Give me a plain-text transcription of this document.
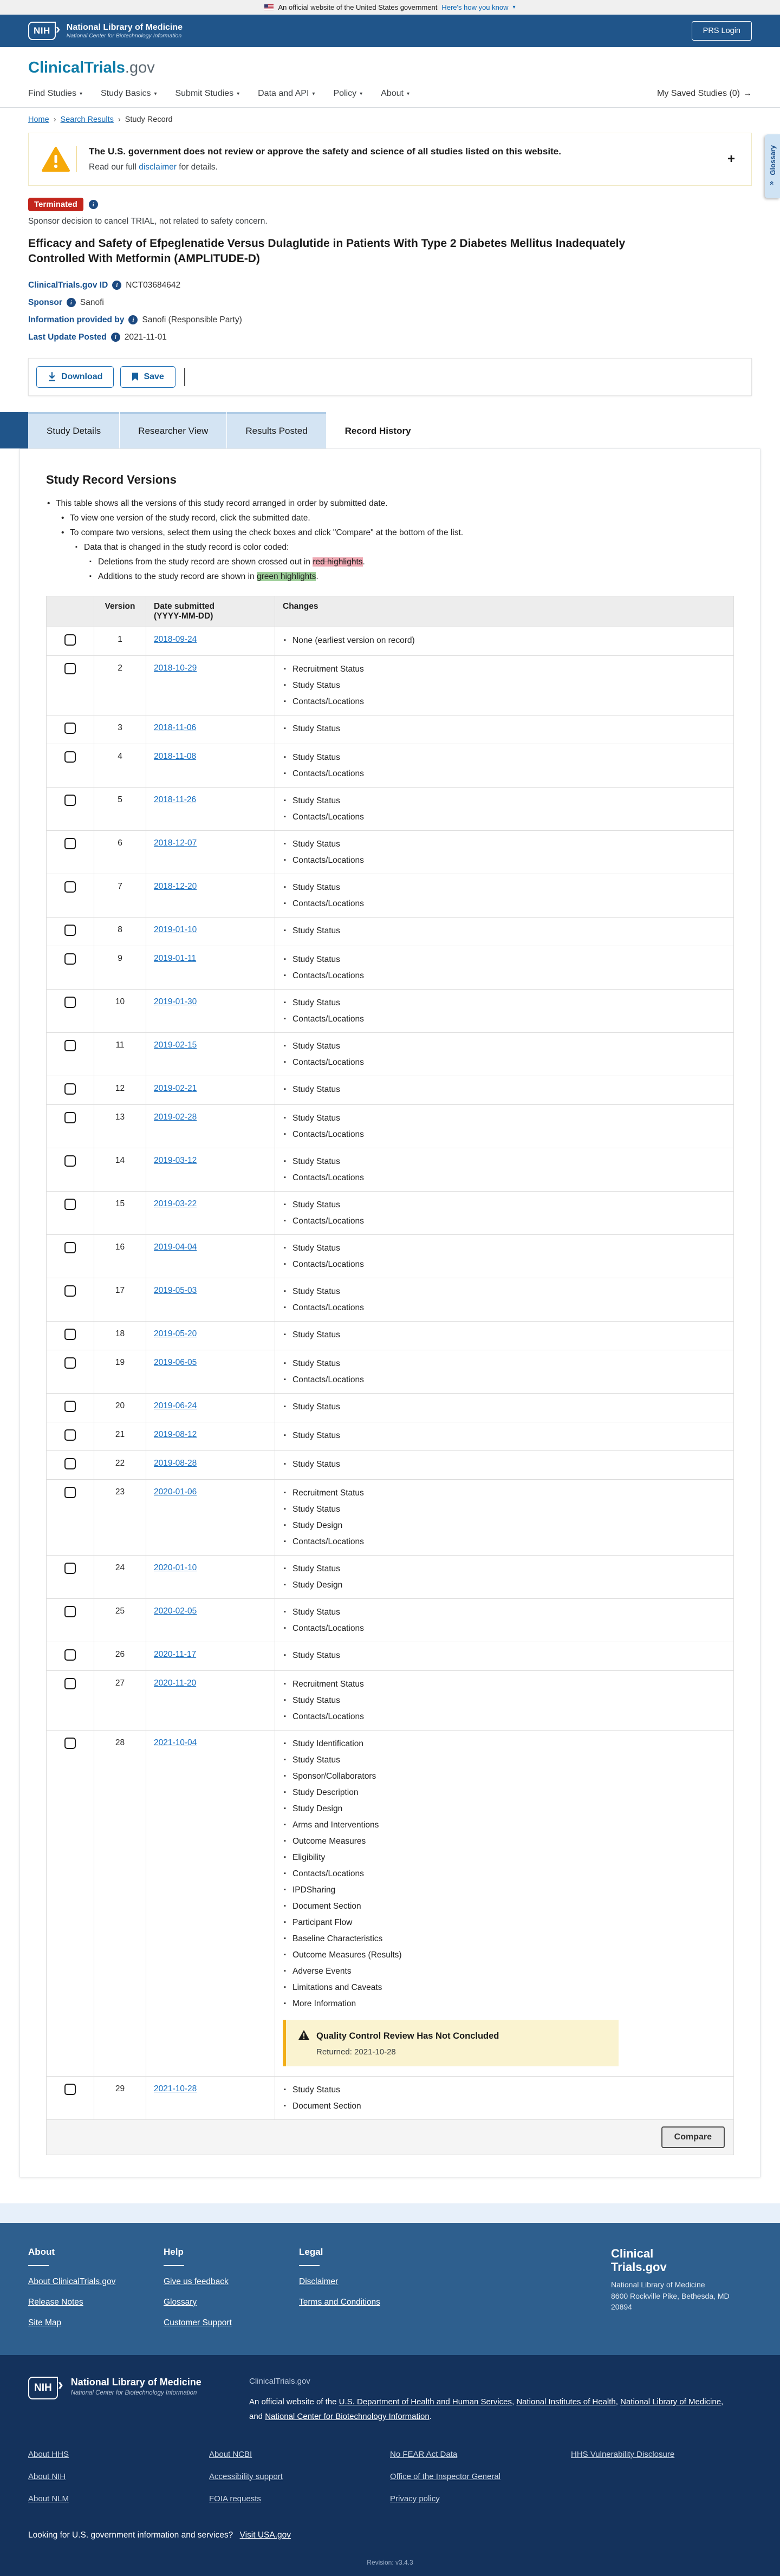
An official website of the United States government Here's how you know ▾
NIH ›	National Library of Medicine
National Center for Biotechnology Information
PRS Login
ClinicalTrials.gov
Find Studies ▾ Study Basics ▾ Submit Studies ▾ Data and API ▾ Policy ▾ About ▾	My Saved Studies (0) →
Glossary
«
Home › Search Results › Study Record
The U.S. government does not review or approve the safety and science of all studies listed on this website.
Read our full disclaimer for details.
+
Terminated	i

Sponsor decision to cancel TRIAL, not related to safety concern.

Efficacy and Safety of Efpeglenatide Versus Dulaglutide in Patients With Type 2 Diabetes Mellitus Inadequately Controlled With Metformin (AMPLITUDE-D)
ClinicalTrials.gov ID	i NCT03684642
Sponsor	i Sanofi
Information provided by	i Sanofi (Responsible Party)
Last Update Posted	i 2021-11-01
Download	Save
Study Details	Researcher View	Results Posted	Record History
Study Record Versions
• This table shows all the versions of this study record arranged in order by submitted date.
• To view one version of the study record, click the submitted date.
• To compare two versions, select them using the check boxes and click "Compare" at the bottom of the list.
▪ Data that is changed in the study record is color coded:
▪ Deletions from the study record are shown crossed out in red highlights.
▪ Additions to the study record are shown in green highlights.
	Version	Date submitted
(YYYY-MM-DD)	Changes
	1	2018-09-24	
▪None (earliest version on record)

	2	2018-10-29	
▪Recruitment Status
▪ Study Status
▪ Contacts/Locations

	3	2018-11-06	
▪Study Status

	4	2018-11-08	
▪Study Status
▪ Contacts/Locations

	5	2018-11-26	
▪Study Status
▪ Contacts/Locations

	6	2018-12-07	
▪Study Status
▪ Contacts/Locations

	7	2018-12-20	
▪Study Status
▪ Contacts/Locations

	8	2019-01-10	
▪Study Status

	9	2019-01-11	
▪Study Status
▪ Contacts/Locations

	10	2019-01-30	
▪Study Status
▪ Contacts/Locations

	11	2019-02-15	
▪Study Status
▪ Contacts/Locations

	12	2019-02-21	
▪Study Status

	13	2019-02-28	
▪Study Status
▪ Contacts/Locations

	14	2019-03-12	
▪Study Status
▪ Contacts/Locations

	15	2019-03-22	
▪Study Status
▪ Contacts/Locations

	16	2019-04-04	
▪Study Status
▪ Contacts/Locations

	17	2019-05-03	
▪Study Status
▪ Contacts/Locations

	18	2019-05-20	
▪Study Status

	19	2019-06-05	
▪Study Status
▪ Contacts/Locations

	20	2019-06-24	
▪Study Status

	21	2019-08-12	
▪Study Status

	22	2019-08-28	
▪Study Status

	23	2020-01-06	
▪Recruitment Status
▪ Study Status
▪ Study Design
▪ Contacts/Locations

	24	2020-01-10	
▪Study Status
▪ Study Design

	25	2020-02-05	
▪Study Status
▪ Contacts/Locations

	26	2020-11-17	
▪Study Status

	27	2020-11-20	
▪Recruitment Status
▪ Study Status
▪ Contacts/Locations

	28	2021-10-04	
▪Study Identification
▪ Study Status
▪ Sponsor/Collaborators
▪ Study Description
▪ Study Design
▪ Arms and Interventions
▪ Outcome Measures
▪ Eligibility
▪ Contacts/Locations
▪ IPDSharing
▪ Document Section
▪ Participant Flow
▪ Baseline Characteristics
▪ Outcome Measures (Results)
▪ Adverse Events
▪ Limitations and Caveats
▪ More Information
Quality Control Review Has Not Concluded
Returned: 2021-10-28

	29	2021-10-28	
▪Study Status
▪ Document Section
Compare
About
About ClinicalTrials.gov
Release Notes
Site Map
Help
Give us feedback
Glossary
Customer Support
Legal
Disclaimer
Terms and Conditions
Clinical
Trials.gov
National Library of Medicine
8600 Rockville Pike, Bethesda, MD
20894
NIH ›	National Library of Medicine
National Center for Biotechnology Information
ClinicalTrials.gov
An official website of the U.S. Department of Health and Human Services, National Institutes of Health, National Library of Medicine, and National Center for Biotechnology Information.
About HHS
About NIH
About NLM
About NCBI
Accessibility support
FOIA requests
No FEAR Act Data
Office of the Inspector General
Privacy policy
HHS Vulnerability Disclosure
Looking for U.S. government information and services? Visit USA.gov
Revision: v3.4.3
